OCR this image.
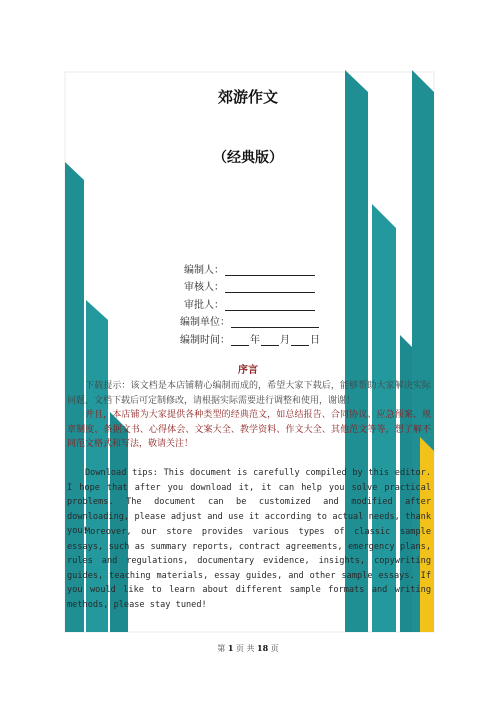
郊游作文
（经典版）
编制人：
审核人：
审批人：
编制单位：
编制时间： 年 月 日
序言

下载提示：该文档是本店铺精心编制而成的，希望大家下载后，能够帮助大家解决实际问题。文档下载后可定制修改，请根据实际需要进行调整和使用，谢谢！

并且，本店铺为大家提供各种类型的经典范文，如总结报告、合同协议、应急预案、规章制度、条据文书、心得体会、文案大全、教学资料、作文大全、其他范文等等，想了解不同范文格式和写法，敬请关注！

Download tips: This document is carefully compiled by this editor. I hope that after you download it, it can help you solve practical problems. The document can be customized and modified after downloading, please adjust and use it according to actual needs, thank you!

Moreover, our store provides various types of classic sample essays, such as summary reports, contract agreements, emergency plans, rules and regulations, documentary evidence, insights, copywriting guides, teaching materials, essay guides, and other sample essays. If you would like to learn about different sample formats and writing methods, please stay tuned!

第 1 页 共 18 页
